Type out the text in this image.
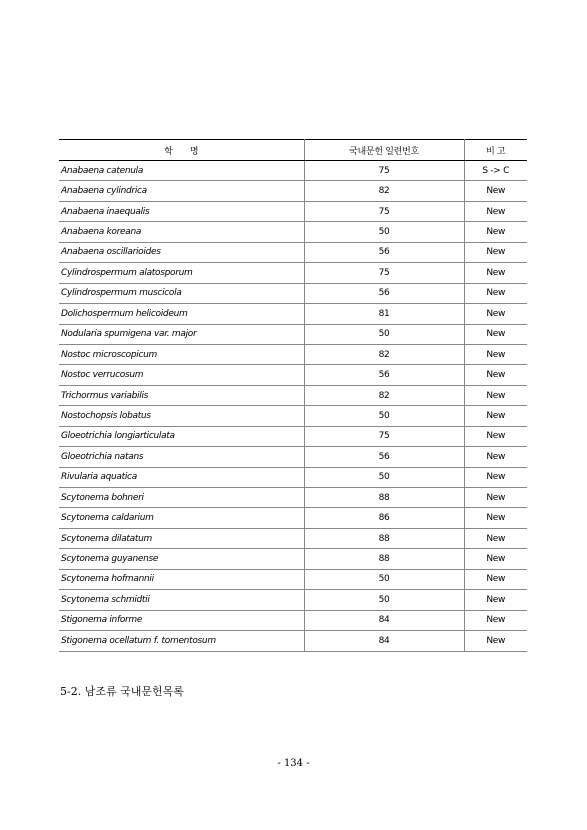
학　　명	국내문헌 일련번호	비 고
Anabaena catenula	75	S -> C
Anabaena cylindrica	82	New
Anabaena inaequalis	75	New
Anabaena koreana	50	New
Anabaena oscillarioides	56	New
Cylindrospermum alatosporum	75	New
Cylindrospermum muscicola	56	New
Dolichospermum helicoideum	81	New
Nodularia spumigena var. major	50	New
Nostoc microscopicum	82	New
Nostoc verrucosum	56	New
Trichormus variabilis	82	New
Nostochopsis lobatus	50	New
Gloeotrichia longiarticulata	75	New
Gloeotrichia natans	56	New
Rivularia aquatica	50	New
Scytonema bohneri	88	New
Scytonema caldarium	86	New
Scytonema dilatatum	88	New
Scytonema guyanense	88	New
Scytonema hofmannii	50	New
Scytonema schmidtii	50	New
Stigonema informe	84	New
Stigonema ocellatum f. tomentosum	84	New
5-2. 남조류 국내문헌목록
- 134 -
